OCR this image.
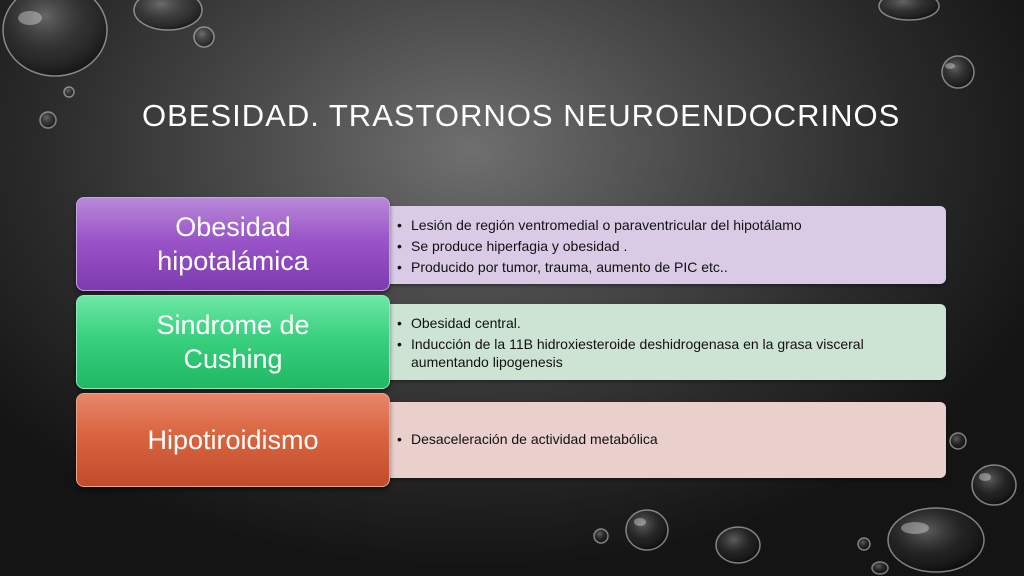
OBESIDAD. TRASTORNOS NEUROENDOCRINOS
• Lesión de región ventromedial o paraventricular del hipotálamo
• Se produce hiperfagia y obesidad .
• Producido por tumor, trauma, aumento de PIC etc..
Obesidad hipotalámica
• Obesidad central.
• Inducción de la 11B hidroxiesteroide deshidrogenasa en la grasa visceral aumentando lipogenesis
Sindrome de Cushing
• Desaceleración de actividad metabólica
Hipotiroidismo
